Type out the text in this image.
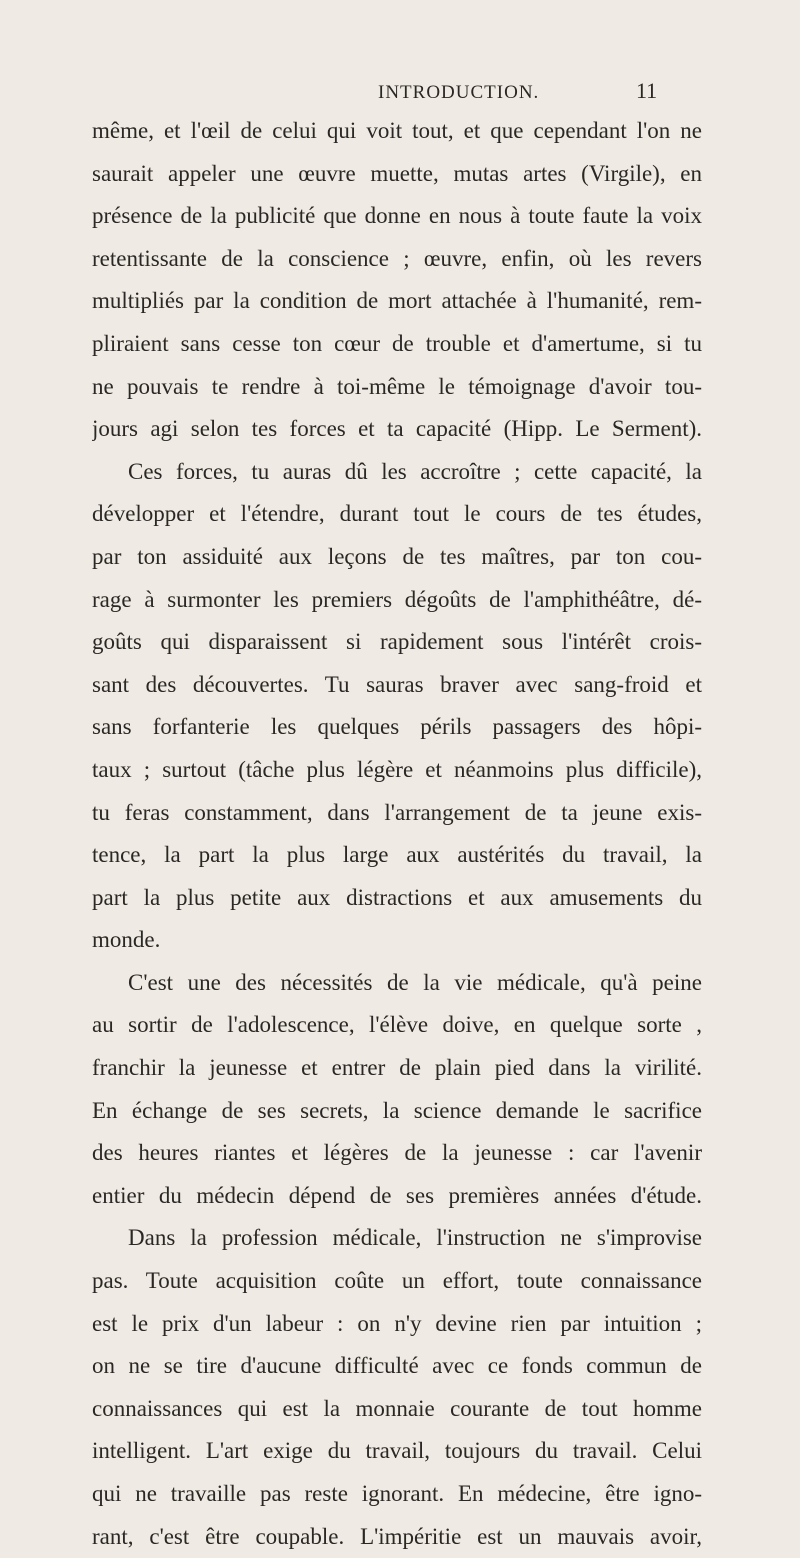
INTRODUCTION.	11
même, et l'œil de celui qui voit tout, et que cependant l'on ne
saurait appeler une œuvre muette, mutas artes (Virgile), en
présence de la publicité que donne en nous à toute faute la voix
retentissante de la conscience ; œuvre, enfin, où les revers
multipliés par la condition de mort attachée à l'humanité, rem-
pliraient sans cesse ton cœur de trouble et d'amertume, si tu
ne pouvais te rendre à toi-même le témoignage d'avoir tou-
jours agi selon tes forces et ta capacité (Hipp. Le Serment).
Ces forces, tu auras dû les accroître ; cette capacité, la
développer et l'étendre, durant tout le cours de tes études,
par ton assiduité aux leçons de tes maîtres, par ton cou-
rage à surmonter les premiers dégoûts de l'amphithéâtre, dé-
goûts qui disparaissent si rapidement sous l'intérêt crois-
sant des découvertes. Tu sauras braver avec sang-froid et
sans forfanterie les quelques périls passagers des hôpi-
taux ; surtout (tâche plus légère et néanmoins plus difficile),
tu feras constamment, dans l'arrangement de ta jeune exis-
tence, la part la plus large aux austérités du travail, la
part la plus petite aux distractions et aux amusements du
monde.
C'est une des nécessités de la vie médicale, qu'à peine
au sortir de l'adolescence, l'élève doive, en quelque sorte ,
franchir la jeunesse et entrer de plain pied dans la virilité.
En échange de ses secrets, la science demande le sacrifice
des heures riantes et légères de la jeunesse : car l'avenir
entier du médecin dépend de ses premières années d'étude.
Dans la profession médicale, l'instruction ne s'improvise
pas. Toute acquisition coûte un effort, toute connaissance
est le prix d'un labeur : on n'y devine rien par intuition ;
on ne se tire d'aucune difficulté avec ce fonds commun de
connaissances qui est la monnaie courante de tout homme
intelligent. L'art exige du travail, toujours du travail. Celui
qui ne travaille pas reste ignorant. En médecine, être igno-
rant, c'est être coupable. L'impéritie est un mauvais avoir,
